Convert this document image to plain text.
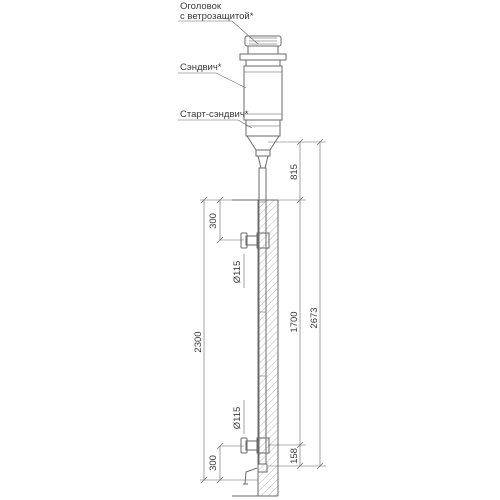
Оголовок
с ветрозащитой*
Сэндвич*
Старт-сэндвич*
815
1700
158
2673
300
300
2300
Ø115
Ø115
